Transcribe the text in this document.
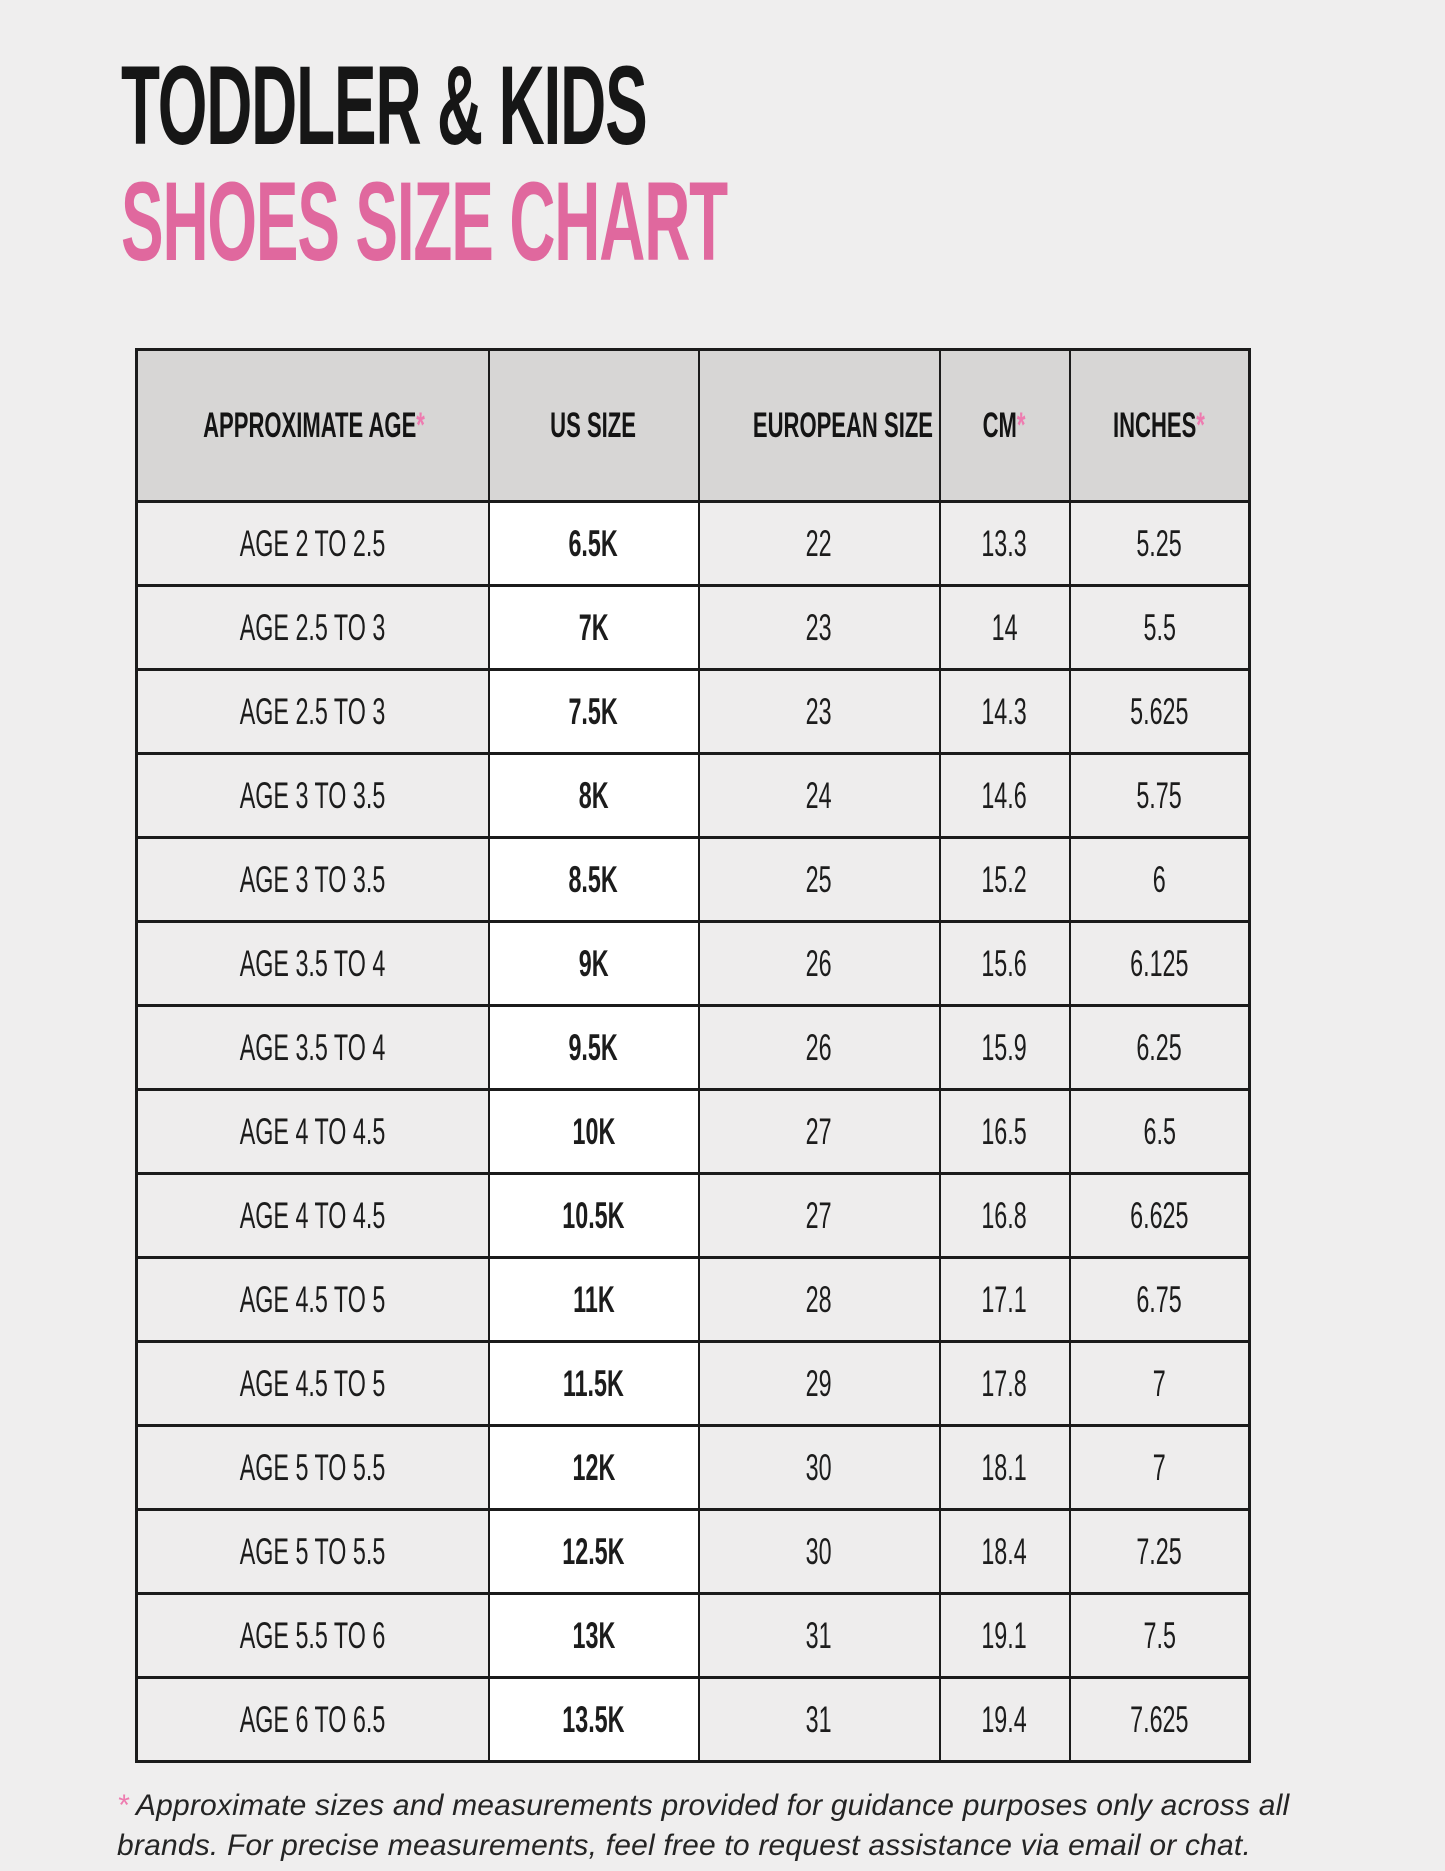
TODDLER & KIDS
SHOES SIZE CHART
APPROXIMATE AGE*	US SIZE	EUROPEAN SIZE	CM*	INCHES*
AGE 2 TO 2.5	6.5K	22	13.3	5.25
AGE 2.5 TO 3	7K	23	14	5.5
AGE 2.5 TO 3	7.5K	23	14.3	5.625
AGE 3 TO 3.5	8K	24	14.6	5.75
AGE 3 TO 3.5	8.5K	25	15.2	6
AGE 3.5 TO 4	9K	26	15.6	6.125
AGE 3.5 TO 4	9.5K	26	15.9	6.25
AGE 4 TO 4.5	10K	27	16.5	6.5
AGE 4 TO 4.5	10.5K	27	16.8	6.625
AGE 4.5 TO 5	11K	28	17.1	6.75
AGE 4.5 TO 5	11.5K	29	17.8	7
AGE 5 TO 5.5	12K	30	18.1	7
AGE 5 TO 5.5	12.5K	30	18.4	7.25
AGE 5.5 TO 6	13K	31	19.1	7.5
AGE 6 TO 6.5	13.5K	31	19.4	7.625

* Approximate sizes and measurements provided for guidance purposes only across all
brands. For precise measurements, feel free to request assistance via email or chat.
